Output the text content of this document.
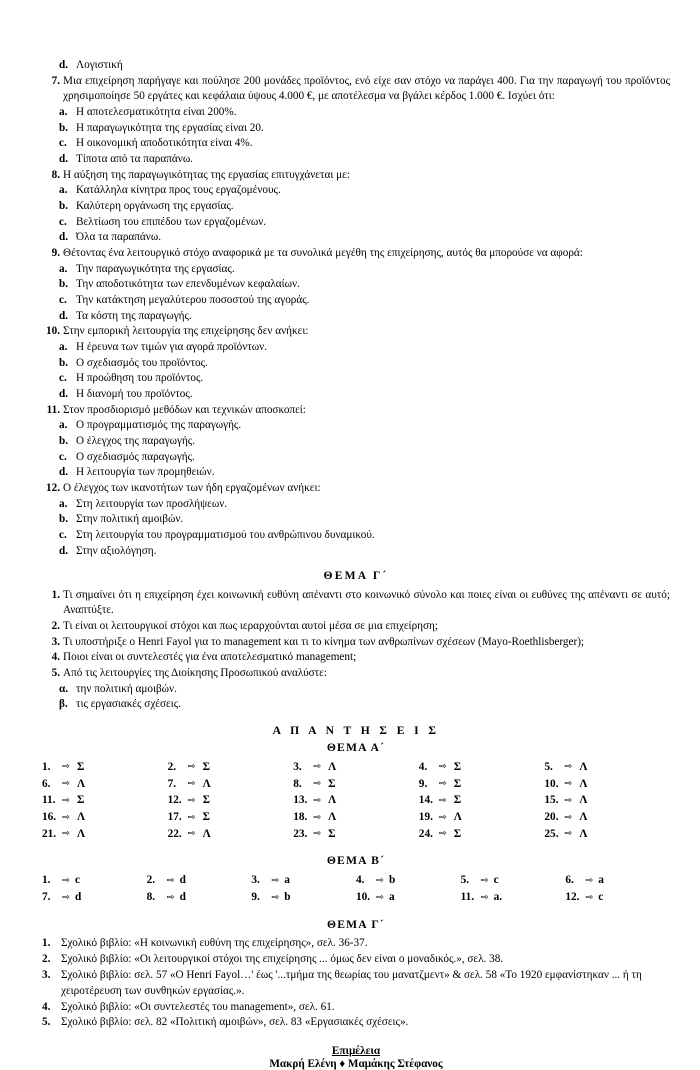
d. Λογιστική
7. Μια επιχείρηση παρήγαγε και πούλησε 200 μονάδες προϊόντος, ενό είχε σαν στόχο να παράγει 400. Για την παραγωγή του προϊόντος χρησιμοποίησε 50 εργάτες και κεφάλαια ύψους 4.000 €, με αποτέλεσμα να βγάλει κέρδος 1.000 €. Ισχύει ότι:
a. Η αποτελεσματικότητα είναι 200%.
b. Η παραγωγικότητα της εργασίας είναι 20.
c. Η οικονομική αποδοτικότητα είναι 4%.
d. Τίποτα από τα παραπάνω.
8. Η αύξηση της παραγωγικότητας της εργασίας επιτυγχάνεται με:
a. Κατάλληλα κίνητρα προς τους εργαζομένους.
b. Καλύτερη οργάνωση της εργασίας.
c. Βελτίωση του επιπέδου των εργαζομένων.
d. Όλα τα παραπάνω.
9. Θέτοντας ένα λειτουργικό στόχο αναφορικά με τα συνολικά μεγέθη της επιχείρησης, αυτός θα μπορούσε να αφορά:
a. Την παραγωγικότητα της εργασίας.
b. Την αποδοτικότητα των επενδυμένων κεφαλαίων.
c. Την κατάκτηση μεγαλύτερου ποσοστού της αγοράς.
d. Τα κόστη της παραγωγής.
10. Στην εμπορική λειτουργία της επιχείρησης δεν ανήκει:
a. Η έρευνα των τιμών για αγορά προϊόντων.
b. Ο σχεδιασμός του προϊόντος.
c. Η προώθηση του προϊόντος.
d. Η διανομή του προϊόντος.
11. Στον προσδιορισμό μεθόδων και τεχνικών αποσκοπεί:
a. Ο προγραμματισμός της παραγωγής.
b. Ο έλεγχος της παραγωγής.
c. Ο σχεδιασμός παραγωγής.
d. Η λειτουργία των προμηθειών.
12. Ο έλεγχος των ικανοτήτων των ήδη εργαζομένων ανήκει:
a. Στη λειτουργία των προσλήψεων.
b. Στην πολιτική αμοιβών.
c. Στη λειτουργία του προγραμματισμού του ανθρώπινου δυναμικού.
d. Στην αξιολόγηση.
ΘΕΜΑ Γ´
1. Τι σημαίνει ότι η επιχείρηση έχει κοινωνική ευθύνη απέναντι στο κοινωνικό σύνολο και ποιες είναι οι ευθύνες της απέναντι σε αυτό; Αναπτύξτε.
2. Τι είναι οι λειτουργικοί στόχοι και πως ιεραρχούνται αυτοί μέσα σε μια επιχείρηση;
3. Τι υποστήριξε ο Henri Fayol για το management και τι το κίνημα των ανθρωπίνων σχέσεων (Mayo-Roethlisberger);
4. Ποιοι είναι οι συντελεστές για ένα αποτελεσματικό management;
5. Από τις λειτουργίες της Διοίκησης Προσωπικού αναλύστε:
α. την πολιτική αμοιβών.
β. τις εργασιακές σχέσεις.
Α Π Α Ν Τ Η Σ Ε Ι Σ
ΘΕΜΑ Α´
1.	⇨ Σ	2.	⇨ Σ	3.	⇨ Λ	4.	⇨ Σ	5.	⇨ Λ
6.	⇨ Λ	7.	⇨ Λ	8.	⇨ Σ	9.	⇨ Σ	10. ⇨ Λ
11. ⇨ Σ	12. ⇨ Σ	13. ⇨ Λ	14. ⇨ Σ	15. ⇨ Λ
16. ⇨ Λ	17. ⇨ Σ	18. ⇨ Λ	19. ⇨ Λ	20. ⇨ Λ
21. ⇨ Λ	22. ⇨ Λ	23. ⇨ Σ	24. ⇨ Σ	25. ⇨ Λ
ΘΕΜΑ Β´
1.	⇨ c	2.	⇨ d	3.	⇨ a	4.	⇨ b	5.	⇨ c	6.	⇨ a
7.	⇨ d	8.	⇨ d	9.	⇨ b	10. ⇨ a	11. ⇨ a.	12. ⇨ c
ΘΕΜΑ Γ´
1. Σχολικό βιβλίο: «Η κοινωνική ευθύνη της επιχείρησης», σελ. 36-37.
2. Σχολικό βιβλίο: «Οι λειτουργικοί στόχοι της επιχείρησης ... όμως δεν είναι ο μοναδικός.», σελ. 38.
3. Σχολικό βιβλίο: σελ. 57 «Ο Henri Fayol…' έως '...τμήμα της θεωρίας του μανατζμεντ» & σελ. 58 «Το 1920 εμφανίστηκαν ... ή τη χειροτέρευση των συνθηκών εργασίας.».
4. Σχολικό βιβλίο: «Οι συντελεστές του management», σελ. 61.
5. Σχολικό βιβλίο: σελ. 82 «Πολιτική αμοιβών», σελ. 83 «Εργασιακές σχέσεις».
Επιμέλεια
Μακρή Ελένη ♦ Μαμάκης Στέφανος
